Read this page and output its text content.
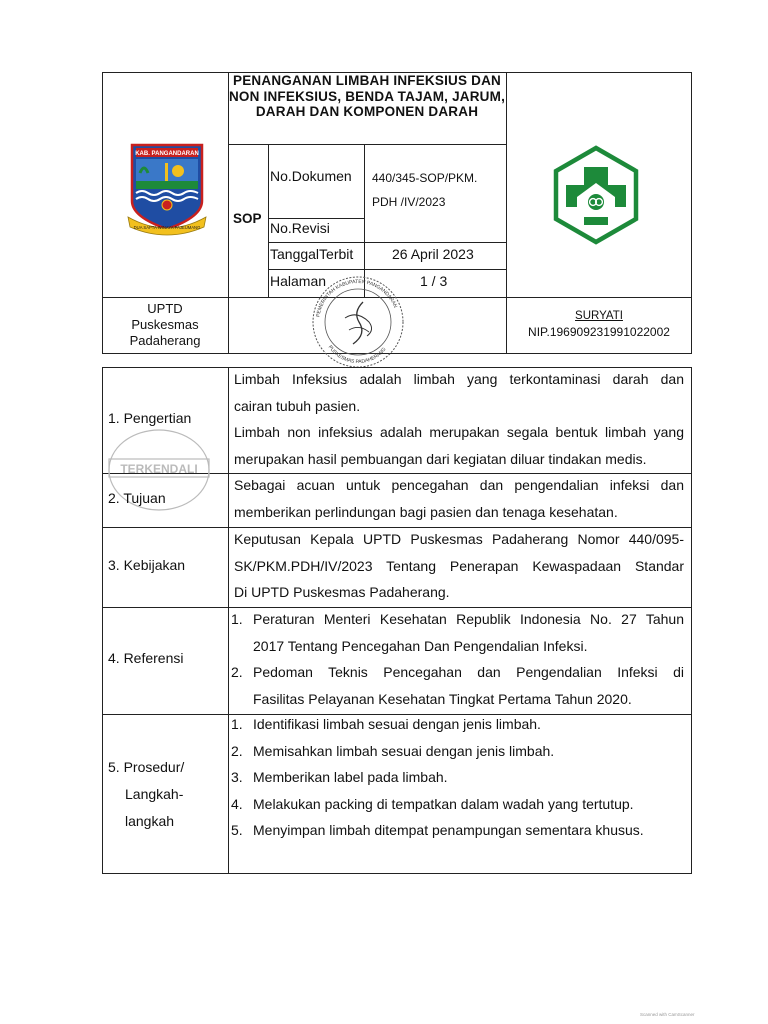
PENANGANAN LIMBAH INFEKSIUS DAN NON INFEKSIUS, BENDA TAJAM, JARUM, DARAH DAN KOMPONEN DARAH
KAB. PANGANDARAN
DUA SAPTA WINAYA PAJEUMANG
SOP
No.Dokumen 440/345-SOP/PKM.
PDH /IV/2023
No.Revisi
TanggalTerbit	26 April 2023
Halaman	1 / 3
UPTD
Puskesmas
Padaherang
PEMERINTAH KABUPATEN PANGANDARAN
PUSKESMAS PADAHERANG
SURYATI
NIP.196909231991022002
TERKENDALI
1. Pengertian
Limbah Infeksius adalah limbah yang terkontaminasi darah dan
cairan tubuh pasien.
Limbah non infeksius adalah merupakan segala bentuk limbah yang
merupakan hasil pembuangan dari kegiatan diluar tindakan medis.
2. Tujuan
Sebagai acuan untuk pencegahan dan pengendalian infeksi dan
memberikan perlindungan bagi pasien dan tenaga kesehatan.
3. Kebijakan
Keputusan Kepala UPTD Puskesmas Padaherang Nomor 440/095-
SK/PKM.PDH/IV/2023 Tentang Penerapan Kewaspadaan Standar
Di UPTD Puskesmas Padaherang.
4. Referensi
1. Peraturan Menteri Kesehatan Republik Indonesia No. 27 Tahun
2017 Tentang Pencegahan Dan Pengendalian Infeksi.
2. Pedoman Teknis Pencegahan dan Pengendalian Infeksi di
Fasilitas Pelayanan Kesehatan Tingkat Pertama Tahun 2020.
5. Prosedur/
Langkah-
langkah
1. Identifikasi limbah sesuai dengan jenis limbah.
2. Memisahkan limbah sesuai dengan jenis limbah.
3. Memberikan label pada limbah.
4. Melakukan packing di tempatkan dalam wadah yang tertutup.
5. Menyimpan limbah ditempat penampungan sementara khusus.
Scanned with CamScanner
